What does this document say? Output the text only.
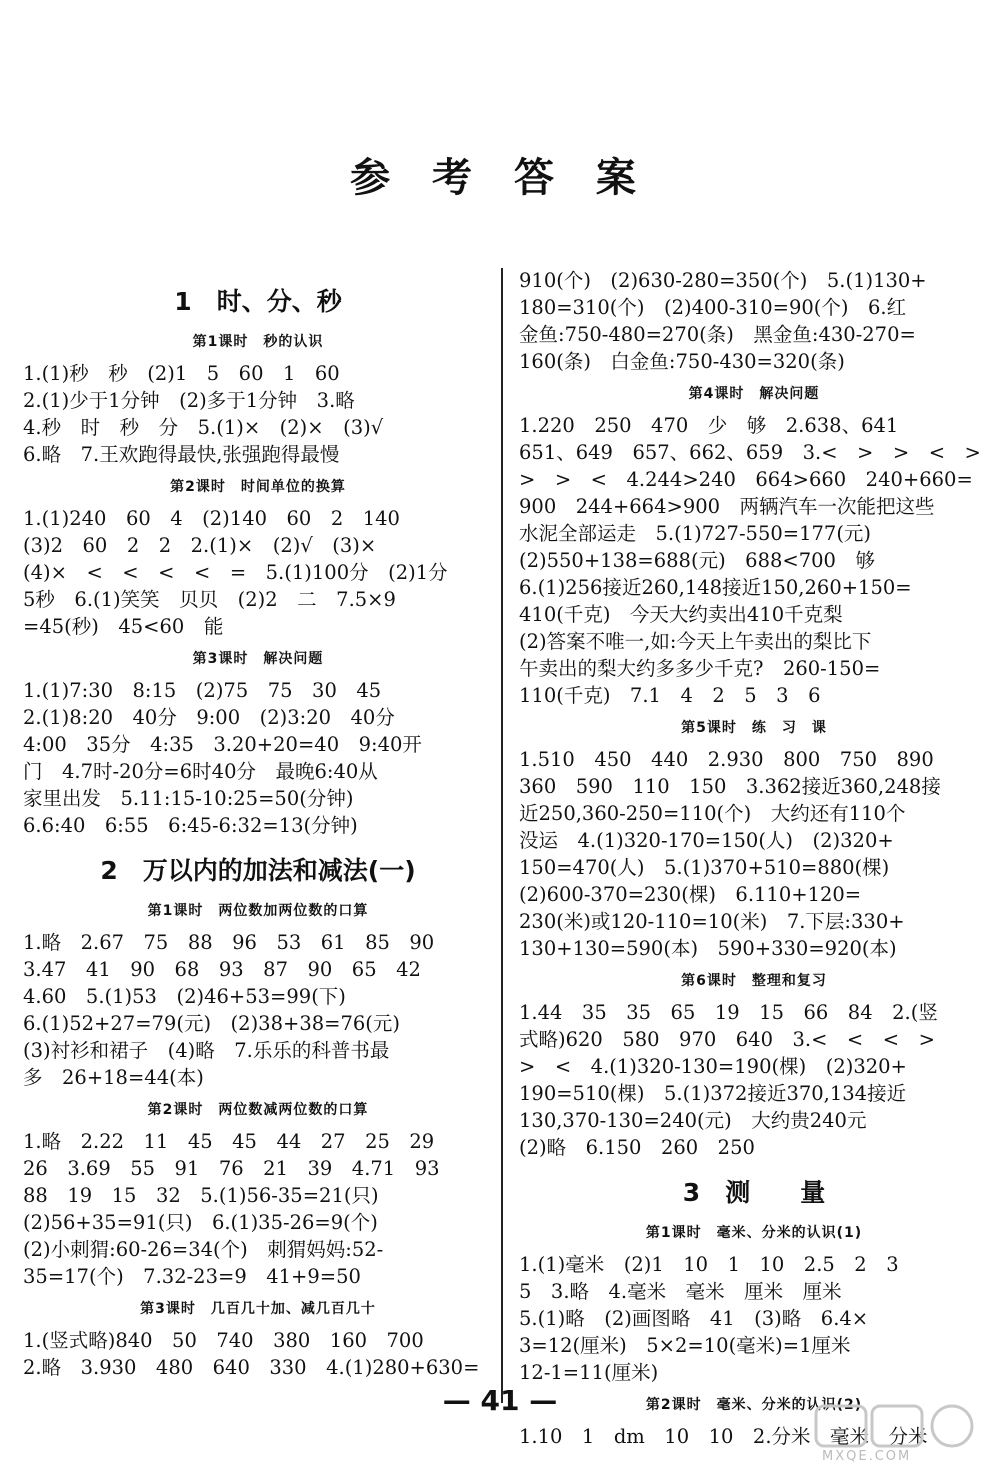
参 考 答 案
1　时、分、秒
第1课时　秒的认识
1.(1)秒　秒　(2)1　5　60　1　60
2.(1)少于1分钟　(2)多于1分钟　3.略
4.秒　时　秒　分　5.(1)×　(2)×　(3)√
6.略　7.王欢跑得最快,张强跑得最慢
第2课时　时间单位的换算
1.(1)240　60　4　(2)140　60　2　140
(3)2　60　2　2　2.(1)×　(2)√　(3)×
(4)×　<　<　<　<　=　5.(1)100分　(2)1分
5秒　6.(1)笑笑　贝贝　(2)2　二　7.5×9
=45(秒)　45<60　能
第3课时　解决问题
1.(1)7:30　8:15　(2)75　75　30　45
2.(1)8:20　40分　9:00　(2)3:20　40分
4:00　35分　4:35　3.20+20=40　9:40开
门　4.7时-20分=6时40分　最晚6:40从
家里出发　5.11:15-10:25=50(分钟)
6.6:40　6:55　6:45-6:32=13(分钟)
2　万以内的加法和减法(一)
第1课时　两位数加两位数的口算
1.略　2.67　75　88　96　53　61　85　90
3.47　41　90　68　93　87　90　65　42
4.60　5.(1)53　(2)46+53=99(下)
6.(1)52+27=79(元)　(2)38+38=76(元)
(3)衬衫和裙子　(4)略　7.乐乐的科普书最
多　26+18=44(本)
第2课时　两位数减两位数的口算
1.略　2.22　11　45　45　44　27　25　29
26　3.69　55　91　76　21　39　4.71　93
88　19　15　32　5.(1)56-35=21(只)
(2)56+35=91(只)　6.(1)35-26=9(个)
(2)小刺猬:60-26=34(个)　刺猬妈妈:52-
35=17(个)　7.32-23=9　41+9=50
第3课时　几百几十加、减几百几十
1.(竖式略)840　50　740　380　160　700
2.略　3.930　480　640　330　4.(1)280+630=
910(个)　(2)630-280=350(个)　5.(1)130+
180=310(个)　(2)400-310=90(个)　6.红
金鱼:750-480=270(条)　黑金鱼:430-270=
160(条)　白金鱼:750-430=320(条)
第4课时　解决问题
1.220　250　470　少　够　2.638、641
651、649　657、662、659　3.<　>　>　<　>
>　>　<　4.244>240　664>660　240+660=
900　244+664>900　两辆汽车一次能把这些
水泥全部运走　5.(1)727-550=177(元)
(2)550+138=688(元)　688<700　够
6.(1)256接近260,148接近150,260+150=
410(千克)　今天大约卖出410千克梨
(2)答案不唯一,如:今天上午卖出的梨比下
午卖出的梨大约多多少千克?　260-150=
110(千克)　7.1　4　2　5　3　6
第5课时　练　习　课
1.510　450　440　2.930　800　750　890
360　590　110　150　3.362接近360,248接
近250,360-250=110(个)　大约还有110个
没运　4.(1)320-170=150(人)　(2)320+
150=470(人)　5.(1)370+510=880(棵)
(2)600-370=230(棵)　6.110+120=
230(米)或120-110=10(米)　7.下层:330+
130+130=590(本)　590+330=920(本)
第6课时　整理和复习
1.44　35　35　65　19　15　66　84　2.(竖
式略)620　580　970　640　3.<　<　<　>
>　<　4.(1)320-130=190(棵)　(2)320+
190=510(棵)　5.(1)372接近370,134接近
130,370-130=240(元)　大约贵240元
(2)略　6.150　260　250
3　测　　量
第1课时　毫米、分米的认识(1)
1.(1)毫米　(2)1　10　1　10　2.5　2　3
5　3.略　4.毫米　毫米　厘米　厘米
5.(1)略　(2)画图略　41　(3)略　6.4×
3=12(厘米)　5×2=10(毫米)=1厘米
12-1=11(厘米)
第2课时　毫米、分米的认识(2)
1.10　1　dm　10　10　2.分米　毫米　分米
— 41 —
MXQE.COM
